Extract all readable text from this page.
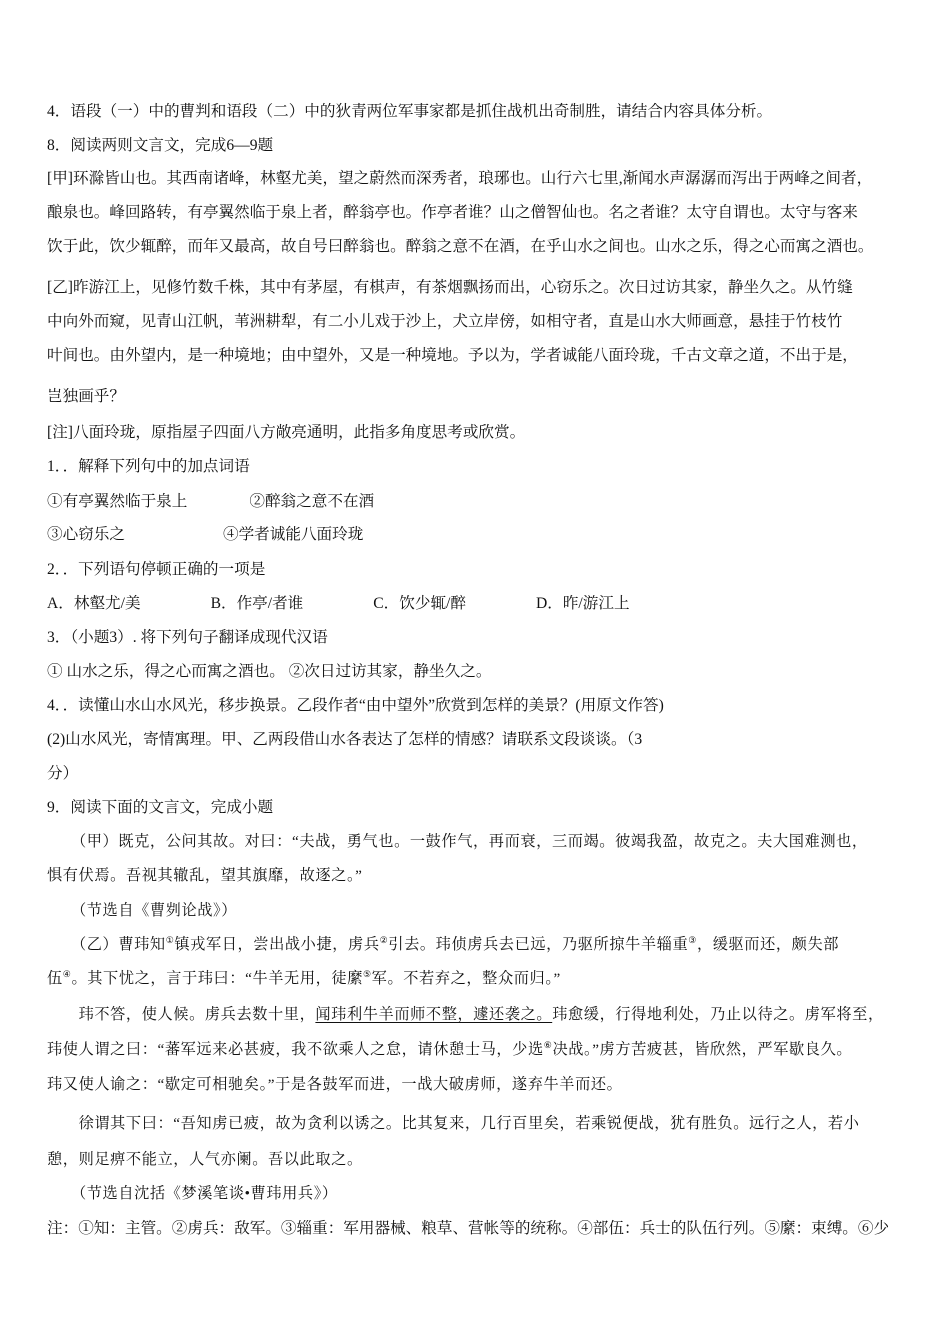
4．语段（一）中的曹判和语段（二）中的狄青两位军事家都是抓住战机出奇制胜，请结合内容具体分析。
8．阅读两则文言文，完成6—9题
[甲]环滁皆山也。其西南诸峰，林壑尤美，望之蔚然而深秀者，琅琊也。山行六七里,渐闻水声潺潺而泻出于两峰之间者，
酿泉也。峰回路转，有亭翼然临于泉上者，醉翁亭也。作亭者谁？山之僧智仙也。名之者谁？太守自谓也。太守与客来
饮于此，饮少辄醉，而年又最高，故自号曰醉翁也。醉翁之意不在酒，在乎山水之间也。山水之乐，得之心而寓之酒也。
[乙]昨游江上，见修竹数千株，其中有茅屋，有棋声，有茶烟飘扬而出，心窃乐之。次日过访其家，静坐久之。从竹缝
中向外而窥，见青山江帆，苇洲耕犁，有二小儿戏于沙上，犬立岸傍，如相守者，直是山水大师画意，悬挂于竹枝竹
叶间也。由外望内，是一种境地；由中望外，又是一种境地。予以为，学者诚能八面玲珑，千古文章之道，不出于是，
岂独画乎？
[注]八面玲珑，原指屋子四面八方敞亮通明，此指多角度思考或欣赏。
1．．解释下列句中的加点词语
①有亭翼然临于泉上	②醉翁之意不在酒
③心窃乐之	④学者诚能八面玲珑
2．．下列语句停顿正确的一项是
A．林壑尤/美	B．作亭/者谁	C．饮少辄/醉	D．昨/游江上
3．（小题3）. 将下列句子翻译成现代汉语
① 山水之乐，得之心而寓之酒也。 ②次日过访其家，静坐久之。
4．．读懂山水山水风光，移步换景。乙段作者“由中望外”欣赏到怎样的美景？(用原文作答)
(2)山水风光，寄情寓理。甲、乙两段借山水各表达了怎样的情感？请联系文段谈谈。（3
分）
9．阅读下面的文言文，完成小题
　　（甲）既克，公问其故。对曰：“夫战，勇气也。一鼓作气，再而衰，三而竭。彼竭我盈，故克之。夫大国难测也，
惧有伏焉。吾视其辙乱，望其旗靡，故逐之。”
　　（节选自《曹刿论战》）
　　（乙）曹玮知①镇戎军日，尝出战小捷，虏兵②引去。玮侦虏兵去已远，乃驱所掠牛羊辎重③，缓驱而还，颇失部
伍④。其下忧之，言于玮曰：“牛羊无用，徒縻⑤军。不若弃之，整众而归。”
　　玮不答，使人候。虏兵去数十里，闻玮利牛羊而师不整，遽还袭之。玮愈缓，行得地利处，乃止以待之。虏军将至，
玮使人谓之曰：“蕃军远来必甚疲，我不欲乘人之怠，请休憩士马，少选⑥决战。”虏方苦疲甚，皆欣然，严军歇良久。
玮又使人谕之：“歇定可相驰矣。”于是各鼓军而进，一战大破虏师，遂弃牛羊而还。
　　徐谓其下曰：“吾知虏已疲，故为贪利以诱之。比其复来，几行百里矣，若乘锐便战，犹有胜负。远行之人，若小
憩，则足痹不能立，人气亦阑。吾以此取之。
　　（节选自沈括《梦溪笔谈•曹玮用兵》）
注：①知：主管。②虏兵：敌军。③辎重：军用器械、粮草、营帐等的统称。④部伍：兵士的队伍行列。⑤縻：束缚。⑥少
